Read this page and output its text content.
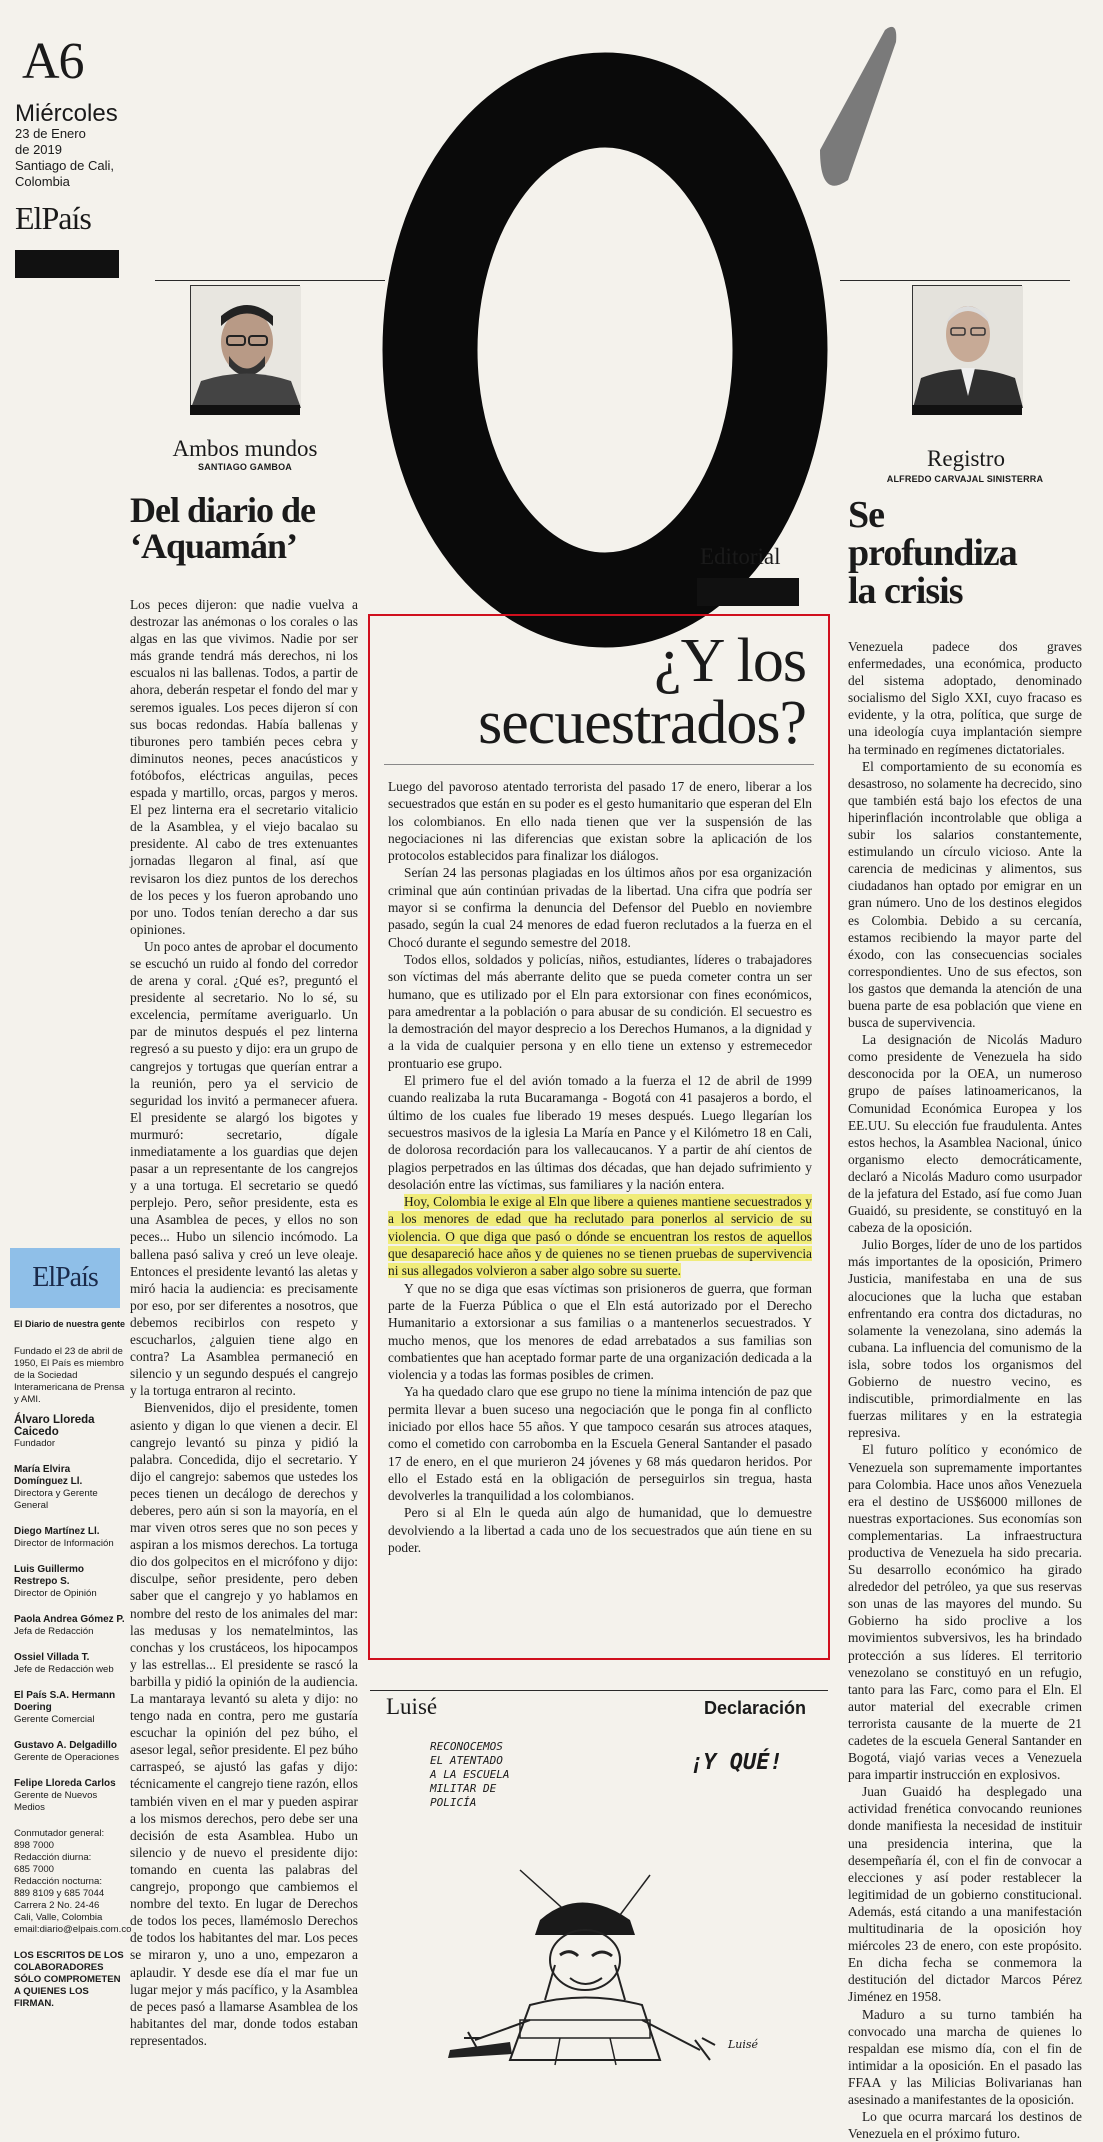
A6
Miércoles
23 de Enero
de 2019
Santiago de Cali,
Colombia
ElPaís
Ó
Ambos mundos
SANTIAGO GAMBOA
Del diario de
‘Aquamán’

Los peces dijeron: que nadie vuelva a destrozar las anémonas o los corales o las algas en las que vivimos. Nadie por ser más grande tendrá más derechos, ni los escualos ni las ballenas. Todos, a partir de ahora, deberán respetar el fondo del mar y seremos iguales. Los peces dijeron sí con sus bocas redondas. Había ballenas y tiburones pero también peces cebra y diminutos neones, peces anacústicos y fotóbofos, eléctricas anguilas, peces espada y martillo, orcas, pargos y meros. El pez linterna era el secretario vitalicio de la Asamblea, y el viejo bacalao su presidente. Al cabo de tres extenuantes jornadas llegaron al final, así que revisaron los diez puntos de los derechos de los peces y los fueron aprobando uno por uno. Todos tenían derecho a dar sus opiniones.

Un poco antes de aprobar el documento se escuchó un ruido al fondo del corredor de arena y coral. ¿Qué es?, preguntó el presidente al secretario. No lo sé, su excelencia, permítame averiguarlo. Un par de minutos después el pez linterna regresó a su puesto y dijo: era un grupo de cangrejos y tortugas que querían entrar a la reunión, pero ya el servicio de seguridad los invitó a permanecer afuera. El presidente se alargó los bigotes y murmuró: secretario, dígale inmediatamente a los guardias que dejen pasar a un representante de los cangrejos y a una tortuga. El secretario se quedó perplejo. Pero, señor presidente, esta es una Asamblea de peces, y ellos no son peces... Hubo un silencio incómodo. La ballena pasó saliva y creó un leve oleaje. Entonces el presidente levantó las aletas y miró hacia la audiencia: es precisamente por eso, por ser diferentes a nosotros, que debemos recibirlos con respeto y escucharlos, ¿alguien tiene algo en contra? La Asamblea permaneció en silencio y un segundo después el cangrejo y la tortuga entraron al recinto.

Bienvenidos, dijo el presidente, tomen asiento y digan lo que vienen a decir. El cangrejo levantó su pinza y pidió la palabra. Concedida, dijo el secretario. Y dijo el cangrejo: sabemos que ustedes los peces tienen un decálogo de derechos y deberes, pero aún si son la mayoría, en el mar viven otros seres que no son peces y aspiran a los mismos derechos. La tortuga dio dos golpecitos en el micrófono y dijo: disculpe, señor presidente, pero deben saber que el cangrejo y yo hablamos en nombre del resto de los animales del mar: las medusas y los nematelmintos, las conchas y los crustáceos, los hipocampos y las estrellas... El presidente se rascó la barbilla y pidió la opinión de la audiencia. La mantaraya levantó su aleta y dijo: no tengo nada en contra, pero me gustaría escuchar la opinión del pez búho, el asesor legal, señor presidente. El pez búho carraspeó, se ajustó las gafas y dijo: técnicamente el cangrejo tiene razón, ellos también viven en el mar y pueden aspirar a los mismos derechos, pero debe ser una decisión de esta Asamblea. Hubo un silencio y de nuevo el presidente dijo: tomando en cuenta las palabras del cangrejo, propongo que cambiemos el nombre del texto. En lugar de Derechos de todos los peces, llamémoslo Derechos de todos los habitantes del mar. Los peces se miraron y, uno a uno, empezaron a aplaudir. Y desde ese día el mar fue un lugar mejor y más pacífico, y la Asamblea de peces pasó a llamarse Asamblea de los habitantes del mar, donde todos estaban representados.

ElPaís
El Diario de nuestra gente
Fundado el 23 de abril de 1950, El País es miembro de la Sociedad Interamericana de Prensa y AMI.
Álvaro Lloreda Caicedo
Fundador
María Elvira Domínguez Ll.
Directora y Gerente General
Diego Martínez Ll.
Director de Información
Luis Guillermo Restrepo S.
Director de Opinión
Paola Andrea Gómez P.
Jefa de Redacción
Ossiel Villada T.
Jefe de Redacción web
El País S.A. Hermann Doering
Gerente Comercial
Gustavo A. Delgadillo
Gerente de Operaciones
Felipe Lloreda Carlos
Gerente de Nuevos Medios
Conmutador general:
898 7000
Redacción diurna:
685 7000
Redacción nocturna:
889 8109 y 685 7044
Carrera 2 No. 24-46
Cali, Valle, Colombia
email:diario@elpais.com.co
LOS ESCRITOS DE LOS COLABORADORES SÓLO COMPROMETEN A QUIENES LOS FIRMAN.
Editorial
¿Y los
secuestrados?

Luego del pavoroso atentado terrorista del pasado 17 de enero, liberar a los secuestrados que están en su poder es el gesto humanitario que esperan del Eln los colombianos. En ello nada tienen que ver la suspensión de las negociaciones ni las diferencias que existan sobre la aplicación de los protocolos establecidos para finalizar los diálogos.

Serían 24 las personas plagiadas en los últimos años por esa organización criminal que aún continúan privadas de la libertad. Una cifra que podría ser mayor si se confirma la denuncia del Defensor del Pueblo en noviembre pasado, según la cual 24 menores de edad fueron reclutados a la fuerza en el Chocó durante el segundo semestre del 2018.

Todos ellos, soldados y policías, niños, estudiantes, líderes o trabajadores son víctimas del más aberrante delito que se pueda cometer contra un ser humano, que es utilizado por el Eln para extorsionar con fines económicos, para amedrentar a la población o para abusar de su condición. El secuestro es la demostración del mayor desprecio a los Derechos Humanos, a la dignidad y a la vida de cualquier persona y en ello tiene un extenso y estremecedor prontuario ese grupo.

El primero fue el del avión tomado a la fuerza el 12 de abril de 1999 cuando realizaba la ruta Bucaramanga - Bogotá con 41 pasajeros a bordo, el último de los cuales fue liberado 19 meses después. Luego llegarían los secuestros masivos de la iglesia La María en Pance y el Kilómetro 18 en Cali, de dolorosa recordación para los vallecaucanos. Y a partir de ahí cientos de plagios perpetrados en las últimas dos décadas, que han dejado sufrimiento y desolación entre las víctimas, sus familiares y la nación entera.

Hoy, Colombia le exige al Eln que libere a quienes mantiene secuestrados y a los menores de edad que ha reclutado para ponerlos al servicio de su violencia. O que diga que pasó o dónde se encuentran los restos de aquellos que desapareció hace años y de quienes no se tienen pruebas de supervivencia ni sus allegados volvieron a saber algo sobre su suerte.

Y que no se diga que esas víctimas son prisioneros de guerra, que forman parte de la Fuerza Pública o que el Eln está autorizado por el Derecho Humanitario a extorsionar a sus familias o a mantenerlos secuestrados. Y mucho menos, que los menores de edad arrebatados a sus familias son combatientes que han aceptado formar parte de una organización dedicada a la violencia y a todas las formas posibles de crimen.

Ya ha quedado claro que ese grupo no tiene la mínima intención de paz que permita llevar a buen suceso una negociación que le ponga fin al conflicto iniciado por ellos hace 55 años. Y que tampoco cesarán sus atroces ataques, como el cometido con carrobomba en la Escuela General Santander el pasado 17 de enero, en el que murieron 24 jóvenes y 68 más quedaron heridos. Por ello el Estado está en la obligación de perseguirlos sin tregua, hasta devolverles la tranquilidad a los colombianos.

Pero si al Eln le queda aún algo de humanidad, que lo demuestre devolviendo a la libertad a cada uno de los secuestrados que aún tiene en su poder.

Luisé	Declaración
RECONOCEMOS
EL ATENTADO
A LA ESCUELA
MILITAR DE
POLICÍA
¡Y QUÉ!
Luisé
Registro
ALFREDO CARVAJAL SINISTERRA
Se
profundiza
la crisis

Venezuela padece dos graves enfermedades, una económica, producto del sistema adoptado, denominado socialismo del Siglo XXI, cuyo fracaso es evidente, y la otra, política, que surge de una ideología cuya implantación siempre ha terminado en regímenes dictatoriales.

El comportamiento de su economía es desastroso, no solamente ha decrecido, sino que también está bajo los efectos de una hiperinflación incontrolable que obliga a subir los salarios constantemente, estimulando un círculo vicioso. Ante la carencia de medicinas y alimentos, sus ciudadanos han optado por emigrar en un gran número. Uno de los destinos elegidos es Colombia. Debido a su cercanía, estamos recibiendo la mayor parte del éxodo, con las consecuencias sociales correspondientes. Uno de sus efectos, son los gastos que demanda la atención de una buena parte de esa población que viene en busca de supervivencia.

La designación de Nicolás Maduro como presidente de Venezuela ha sido desconocida por la OEA, un numeroso grupo de países latinoamericanos, la Comunidad Económica Europea y los EE.UU. Su elección fue fraudulenta. Antes estos hechos, la Asamblea Nacional, único organismo electo democráticamente, declaró a Nicolás Maduro como usurpador de la jefatura del Estado, así fue como Juan Guaidó, su presidente, se constituyó en la cabeza de la oposición.

Julio Borges, líder de uno de los partidos más importantes de la oposición, Primero Justicia, manifestaba en una de sus alocuciones que la lucha que estaban enfrentando era contra dos dictaduras, no solamente la venezolana, sino además la cubana. La influencia del comunismo de la isla, sobre todos los organismos del Gobierno de nuestro vecino, es indiscutible, primordialmente en las fuerzas militares y en la estrategia represiva.

El futuro político y económico de Venezuela son supremamente importantes para Colombia. Hace unos años Venezuela era el destino de US$6000 millones de nuestras exportaciones. Sus economías son complementarias. La infraestructura productiva de Venezuela ha sido precaria. Su desarrollo económico ha girado alrededor del petróleo, ya que sus reservas son unas de las mayores del mundo. Su Gobierno ha sido proclive a los movimientos subversivos, les ha brindado protección a sus líderes. El territorio venezolano se constituyó en un refugio, tanto para las Farc, como para el Eln. El autor material del execrable crimen terrorista causante de la muerte de 21 cadetes de la escuela General Santander en Bogotá, viajó varias veces a Venezuela para impartir instrucción en explosivos.

Juan Guaidó ha desplegado una actividad frenética convocando reuniones donde manifiesta la necesidad de instituir una presidencia interina, que la desempeñaría él, con el fin de convocar a elecciones y así poder restablecer la legitimidad de un gobierno constitucional. Además, está citando a una manifestación multitudinaria de la oposición hoy miércoles 23 de enero, con este propósito. En dicha fecha se conmemora la destitución del dictador Marcos Pérez Jiménez en 1958.

Maduro a su turno también ha convocado una marcha de quienes lo respaldan ese mismo día, con el fin de intimidar a la oposición. En el pasado las FFAA y las Milicias Bolivarianas han asesinado a manifestantes de la oposición.

Lo que ocurra marcará los destinos de Venezuela en el próximo futuro.
